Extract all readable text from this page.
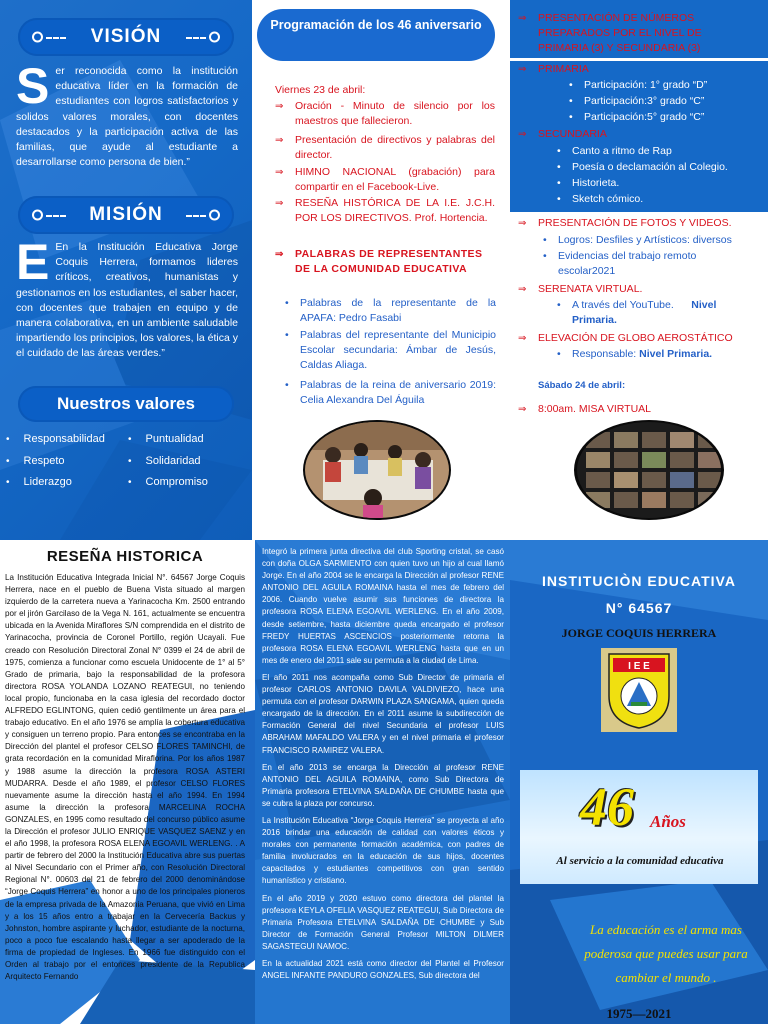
VISIÓN
S er reconocida como la institución educativa líder en la formación de estudiantes con logros satisfactorios y solidos valores morales, con docentes destacados y la participación activa de las familias, que ayude al estudiante a desarrollarse como persona de bien.”
MISIÓN
E En la Institución Educativa Jorge Coquis Herrera, formamos lideres críticos, creativos, humanistas y gestionamos en los estudiantes, el saber hacer, con docentes que trabajen en equipo y de manera colaborativa, en un ambiente saludable impartiendo los principios, los valores, la ética y el cuidado de las áreas verdes.”
Nuestros valores
• Responsabilidad	• Puntualidad
• Respeto	• Solidaridad
• Liderazgo	• Compromiso
Programación de los 46 aniversario
Viernes 23 de abril:
⇒ Oración - Minuto de silencio por los maestros que fallecieron.
⇒ Presentación de directivos y palabras del director.
⇒ HIMNO NACIONAL (grabación) para compartir en el Facebook-Live.
⇒ RESEÑA HISTÓRICA DE LA I.E. J.C.H. POR LOS DIRECTIVOS. Prof. Hortencia.
⇒ PALABRAS DE REPRESENTANTES DE LA COMUNIDAD EDUCATIVA
• Palabras de la representante de la APAFA: Pedro Fasabi
• Palabras del representante del Municipio Escolar secundaria: Ámbar de Jesús, Caldas Aliaga.
• Palabras de la reina de aniversario 2019: Celia Alexandra Del Águila
⇒ PRESENTACIÓN DE NÚMEROS PREPARADOS POR EL NIVEL DE PRIMARIA (3) Y SECUNDARIA (3)
⇒ PRIMARIA
• Participación: 1° grado “D”
• Participación:3° grado “C”
• Participación:5° grado “C”
⇒ SECUNDARIA
• Canto a ritmo de Rap
• Poesía o declamación al Colegio.
• Historieta.
• Sketch cómico.
⇒ PRESENTACIÓN DE FOTOS Y VIDEOS.
• Logros: Desfiles y Artísticos: diversos
• Evidencias del trabajo remoto escolar2021
⇒ SERENATA VIRTUAL.
• A través del YouTube. Nivel Primaria.
⇒ ELEVACIÓN DE GLOBO AEROSTÁTICO
• Responsable: Nivel Primaria.
Sábado 24 de abril:
⇒ 8:00am. MISA VIRTUAL
RESEÑA HISTORICA

La Institución Educativa Integrada Inicial N°. 64567 Jorge Coquis Herrera, nace en el pueblo de Buena Vista situado al margen izquierdo de la carretera nueva a Yarinacocha Km. 2500 entrando por el jirón Garcilaso de la Vega N. 161, actualmente se encuentra ubicada en la Avenida Miraflores S/N comprendida en el distrito de Yarinacocha, provincia de Coronel Portillo, región Ucayali. Fue creado con Resolución Directoral Zonal N° 0399 el 24 de abril de 1975, comienza a funcionar como escuela Unidocente de 1° al 5° Grado de primaria, bajo la responsabilidad de la profesora directora ROSA YOLANDA LOZANO REATEGUI, no teniendo local propio, funcionaba en la casa iglesia del recordado doctor ALFREDO EGLINTONG, quien cedió gentilmente un área para el trabajo educativo. En el año 1976 se amplía la cobertura educativa y consiguen un terreno propio. Para entonces se encontraba en la Dirección del plantel el profesor CELSO FLORES TAMINCHI, de grata recordación en la comunidad Miraflorina. Por los años 1987 y 1988 asume la dirección la profesora ROSA ASTERI MUDARRA. Desde el año 1989, el profesor CELSO FLORES nuevamente asume la dirección hasta el año 1994. En 1994 asume la dirección la profesora MARCELINA ROCHA GONZALES, en 1995 como resultado del concurso público asume la Dirección el profesor JULIO ENRIQUE VASQUEZ SAENZ y en el año 1998, la profesora ROSA ELENA EGOAVIL WERLENG. . A partir de febrero del 2000 la Institución Educativa abre sus puertas al Nivel Secundario con el Primer año, con Resolución Directoral Regional N°. 00603 del 21 de febrero del 2000 denominándose “Jorge Coquis Herrera” en honor a uno de los principales pioneros de la empresa privada de la Amazonia Peruana, que vivió en Lima y a los 15 años entro a trabajar en la Cervecería Backus y Johnston, hombre aspirante y luchador, estudiante de la nocturna, poco a poco fue escalando hasta llegar a ser apoderado de la firma de propiedad de Ingleses. En 1966 fue distinguido con el Orden al trabajo por el entonces presidente de la Republica Arquitecto Fernando

Integró la primera junta directiva del club Sporting cristal, se casó con doña OLGA SARMIENTO con quien tuvo un hijo al cual llamó Jorge. En el año 2004 se le encarga la Dirección al profesor RENE ANTONIO DEL AGUILA ROMAINA hasta el mes de febrero del 2006. Cuando vuelve asumir sus funciones de directora la profesora ROSA ELENA EGOAVIL WERLENG. En el año 2009, desde setiembre, hasta diciembre queda encargado el profesor FREDY HUERTAS ASCENCIOS posteriormente retorna la profesora ROSA ELENA EGOAVIL WERLENG hasta que en un mes de enero del 2011 sale su permuta a la ciudad de Lima.

El año 2011 nos acompaña como Sub Director de primaria el profesor CARLOS ANTONIO DAVILA VALDIVIEZO, hace una permuta con el profesor DARWIN PLAZA SANGAMA, quien queda encargado de la dirección. En el 2011 asume la subdirección de Formación General del nivel Secundaria el profesor LUIS ABRAHAM MAFALDO VALERA y en el nivel primaria el profesor FRANCISCO RAMIREZ VALERA.

En el año 2013 se encarga la Dirección al profesor RENE ANTONIO DEL AGUILA ROMAINA, como Sub Directora de Primaria profesora ETELVINA SALDAÑA DE CHUMBE hasta que se cubra la plaza por concurso.

La Institución Educativa “Jorge Coquis Herrera” se proyecta al año 2016 brindar una educación de calidad con valores éticos y morales con permanente formación académica, con padres de familia involucrados en la educación de sus hijos, docentes capacitados y estudiantes competitivos con gran sentido humanístico y cristiano.

En el año 2019 y 2020 estuvo como directora del plantel la profesora KEYLA OFELIA VASQUEZ REATEGUI, Sub Directora de Primaria Profesora ETELVINA SALDAÑA DE CHUMBE y Sub Director de Formación General Profesor MILTON DILMER SAGASTEGUI NAMOC.

En la actualidad 2021 está como director del Plantel el Profesor ANGEL INFANTE PANDURO GONZALES, Sub directora del

INSTITUCIÒN EDUCATIVA
N° 64567
JORGE COQUIS HERRERA
I E E
46 Años
Al servicio a la comunidad educativa
La educación es el arma mas poderosa que puedes usar para cambiar el mundo .
1975—2021
